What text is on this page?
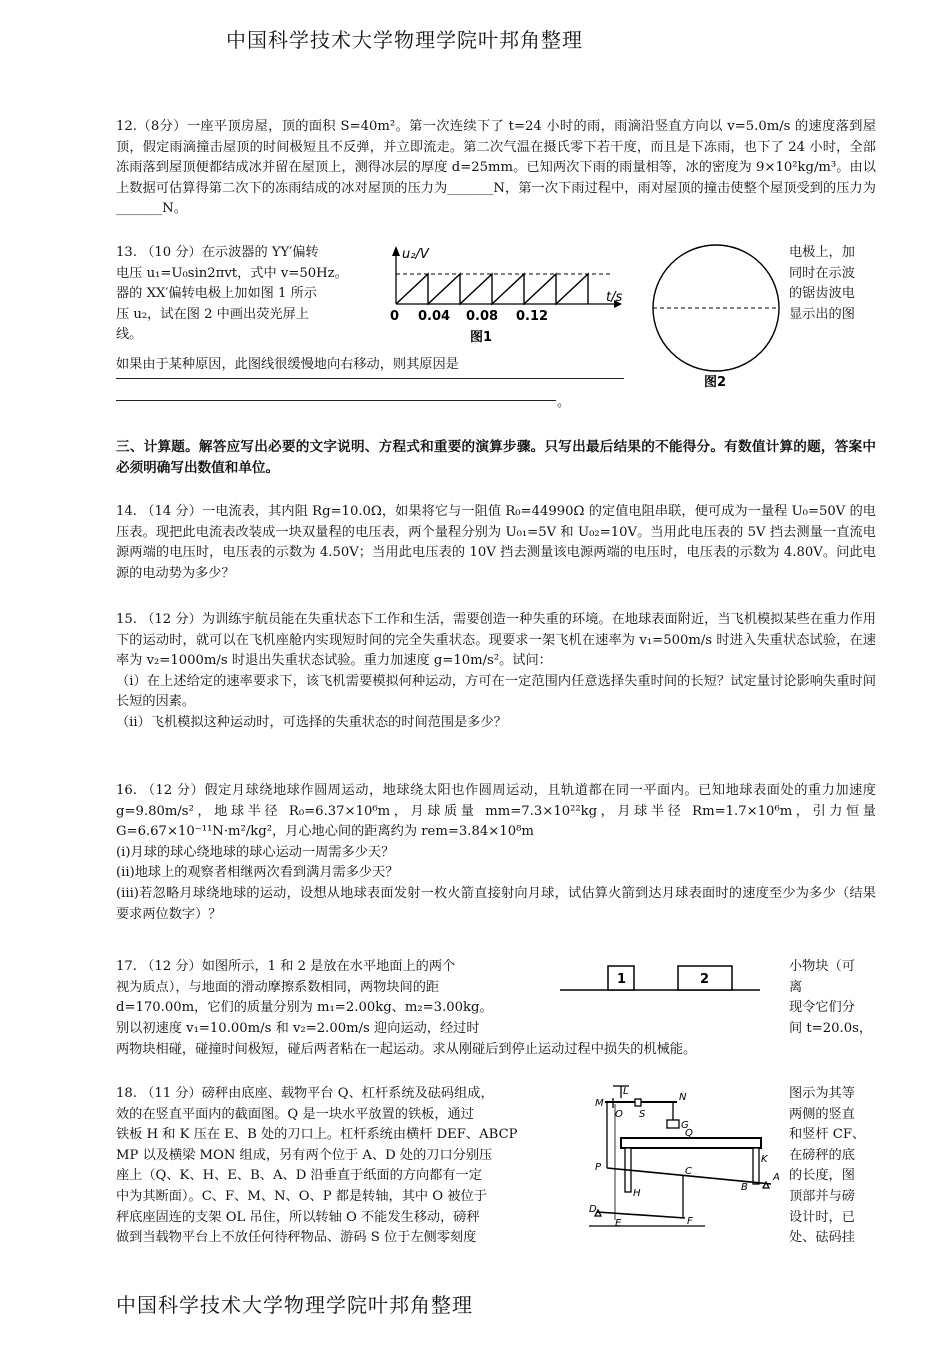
中国科学技术大学物理学院叶邦角整理
12.（8分）一座平顶房屋，顶的面积 S=40m²。第一次连续下了 t=24 小时的雨，雨滴沿竖直方向以 v=5.0m/s 的速度落到屋顶，假定雨滴撞击屋顶的时间极短且不反弹，并立即流走。第二次气温在摄氏零下若干度，而且是下冻雨，也下了 24 小时，全部冻雨落到屋顶便都结成冰并留在屋顶上，测得冰层的厚度 d=25mm。已知两次下雨的雨量相等，冰的密度为 9×10²kg/m³。由以上数据可估算得第二次下的冻雨结成的冰对屋顶的压力为_______N，第一次下雨过程中，雨对屋顶的撞击使整个屋顶受到的压力为_______N。
13. （10 分）在示波器的 YY′偏转
电压 u₁=U₀sin2πvt，式中 v=50Hz。
器的 XX′偏转电极上加如图 1 所示
压 u₂，试在图 2 中画出荧光屏上
线。
电极上，加
同时在示波
的锯齿波电
显示出的图
如果由于某种原因，此图线很缓慢地向右移动，则其原因是
。
u₂/V
t/s
0 0.04 0.08 0.12
图1
图2
三、计算题。解答应写出必要的文字说明、方程式和重要的演算步骤。只写出最后结果的不能得分。有数值计算的题，答案中必须明确写出数值和单位。
14. （14 分）一电流表，其内阻 Rg=10.0Ω，如果将它与一阻值 R₀=44990Ω 的定值电阻串联，便可成为一量程 U₀=50V 的电压表。现把此电流表改装成一块双量程的电压表，两个量程分别为 U₀₁=5V 和 U₀₂=10V。当用此电压表的 5V 挡去测量一直流电源两端的电压时，电压表的示数为 4.50V；当用此电压表的 10V 挡去测量该电源两端的电压时，电压表的示数为 4.80V。问此电源的电动势为多少？
15. （12 分）为训练宇航员能在失重状态下工作和生活，需要创造一种失重的环境。在地球表面附近，当飞机模拟某些在重力作用下的运动时，就可以在飞机座舱内实现短时间的完全失重状态。现要求一架飞机在速率为 v₁=500m/s 时进入失重状态试验，在速率为 v₂=1000m/s 时退出失重状态试验。重力加速度 g=10m/s²。试问：
（i）在上述给定的速率要求下，该飞机需要模拟何种运动，方可在一定范围内任意选择失重时间的长短？试定量讨论影响失重时间长短的因素。
（ii）飞机模拟这种运动时，可选择的失重状态的时间范围是多少？
16. （12 分）假定月球绕地球作圆周运动，地球绕太阳也作圆周运动，且轨道都在同一平面内。已知地球表面处的重力加速度 g=9.80m/s²，地球半径 R₀=6.37×10⁶m，月球质量 mm=7.3×10²²kg，月球半径 Rm=1.7×10⁶m，引力恒量 G=6.67×10⁻¹¹N·m²/kg²，月心地心间的距离约为 rem=3.84×10⁸m
(i)月球的球心绕地球的球心运动一周需多少天？
(ii)地球上的观察者相继两次看到满月需多少天？
(iii)若忽略月球绕地球的运动，设想从地球表面发射一枚火箭直接射向月球，试估算火箭到达月球表面时的速度至少为多少（结果要求两位数字）？
17. （12 分）如图所示，1 和 2 是放在水平地面上的两个
视为质点），与地面的滑动摩擦系数相同，两物块间的距
d=170.00m，它们的质量分别为 m₁=2.00kg、m₂=3.00kg。
别以初速度 v₁=10.00m/s 和 v₂=2.00m/s 迎向运动，经过时
小物块（可
离
现令它们分
间 t=20.0s，
两物块相碰，碰撞时间极短，碰后两者粘在一起运动。求从刚碰后到停止运动过程中损失的机械能。
1	2
18. （11 分）磅秤由底座、载物平台 Q、杠杆系统及砝码组成，
效的在竖直平面内的截面图。Q 是一块水平放置的铁板，通过
铁板 H 和 K 压在 E、B 处的刀口上。杠杆系统由横杆 DEF、ABCP
MP 以及横梁 MON 组成，另有两个位于 A、D 处的刀口分别压
座上（Q、K、H、E、B、A、D 沿垂直于纸面的方向都有一定
中为其断面）。C、F、M、N、O、P 都是转轴，其中 O 被位于
秤底座固连的支架 OL 吊住，所以转轴 O 不能发生移动，磅秤
做到当载物平台上不放任何待秤物品、游码 S 位于左侧零刻度
图示为其等
两侧的竖直
和竖杆 CF、
在磅秤的底
的长度，图
顶部并与磅
设计时，已
处、砝码挂
L
M
O S
N
G
Q
C
K
A
P
H
B
D
E	F
中国科学技术大学物理学院叶邦角整理
